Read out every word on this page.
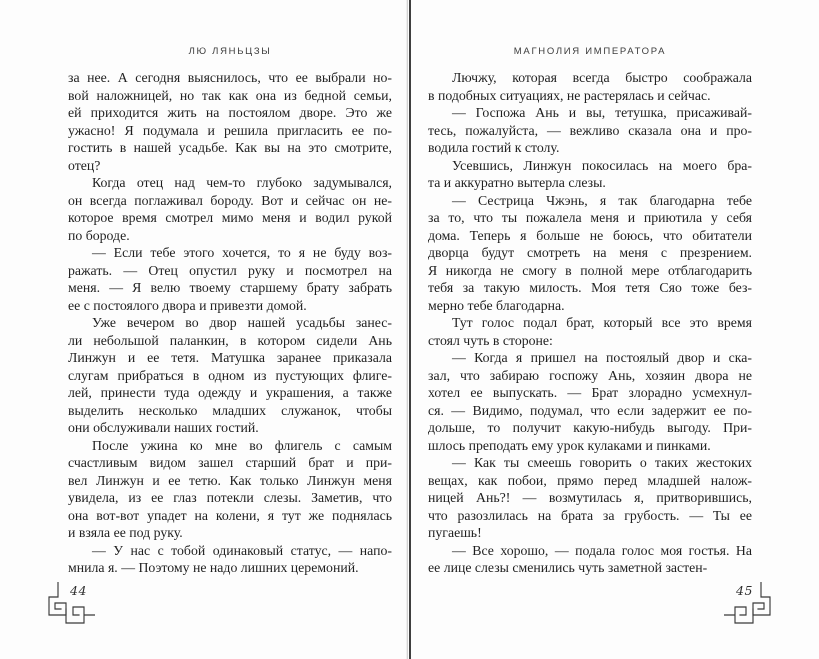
ЛЮ ЛЯНЬЦЗЫ
за нее. А сегодня выяснилось, что ее выбрали но-
вой наложницей, но так как она из бедной семьи,
ей приходится жить на постоялом дворе. Это же
ужасно! Я подумала и решила пригласить ее по-
гостить в нашей усадьбе. Как вы на это смотрите,
отец?
Когда отец над чем-то глубоко задумывался,
он всегда поглаживал бороду. Вот и сейчас он не-
которое время смотрел мимо меня и водил рукой
по бороде.
— Если тебе этого хочется, то я не буду воз-
ражать. — Отец опустил руку и посмотрел на
меня. — Я велю твоему старшему брату забрать
ее с постоялого двора и привезти домой.
Уже вечером во двор нашей усадьбы занес-
ли небольшой паланкин, в котором сидели Ань
Линжун и ее тетя. Матушка заранее приказала
слугам прибраться в одном из пустующих флиге-
лей, принести туда одежду и украшения, а также
выделить несколько младших служанок, чтобы
они обслуживали наших гостий.
После ужина ко мне во флигель с самым
счастливым видом зашел старший брат и при-
вел Линжун и ее тетю. Как только Линжун меня
увидела, из ее глаз потекли слезы. Заметив, что
она вот-вот упадет на колени, я тут же поднялась
и взяла ее под руку.
— У нас с тобой одинаковый статус, — напо-
мнила я. — Поэтому не надо лишних церемоний.
44
МАГНОЛИЯ ИМПЕРАТОРА
Лючжу, которая всегда быстро соображала
в подобных ситуациях, не растерялась и сейчас.
— Госпожа Ань и вы, тетушка, присаживай-
тесь, пожалуйста, — вежливо сказала она и про-
водила гостий к столу.
Усевшись, Линжун покосилась на моего бра-
та и аккуратно вытерла слезы.
— Сестрица Чжэнь, я так благодарна тебе
за то, что ты пожалела меня и приютила у себя
дома. Теперь я больше не боюсь, что обитатели
дворца будут смотреть на меня с презрением.
Я никогда не смогу в полной мере отблагодарить
тебя за такую милость. Моя тетя Сяо тоже без-
мерно тебе благодарна.
Тут голос подал брат, который все это время
стоял чуть в стороне:
— Когда я пришел на постоялый двор и ска-
зал, что забираю госпожу Ань, хозяин двора не
хотел ее выпускать. — Брат злорадно усмехнул-
ся. — Видимо, подумал, что если задержит ее по-
дольше, то получит какую-нибудь выгоду. При-
шлось преподать ему урок кулаками и пинками.
— Как ты смеешь говорить о таких жестоких
вещах, как побои, прямо перед младшей налож-
ницей Ань?! — возмутилась я, притворившись,
что разозлилась на брата за грубость. — Ты ее
пугаешь!
— Все хорошо, — подала голос моя гостья. На
ее лице слезы сменились чуть заметной застен-
45
